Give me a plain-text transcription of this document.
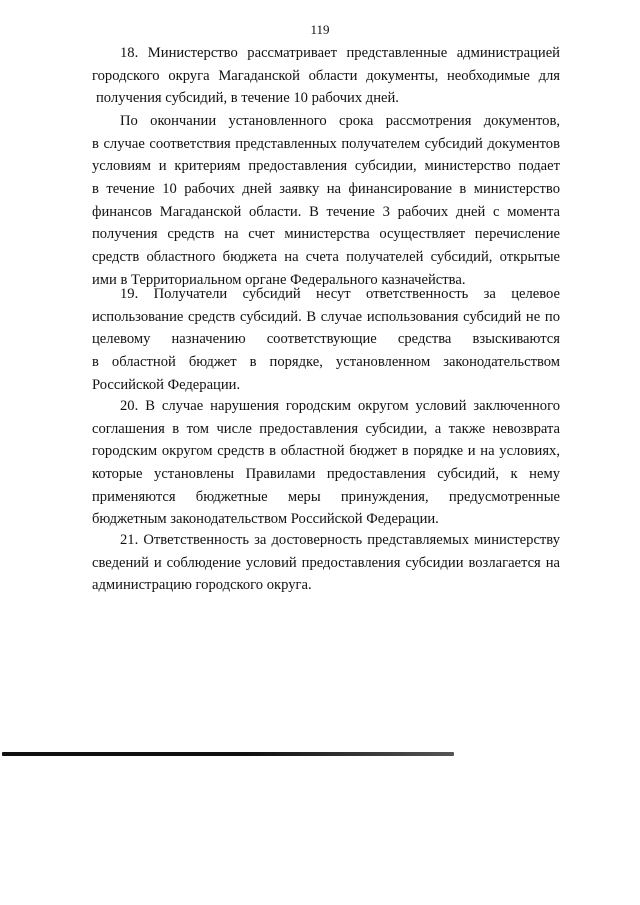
119
18. Министерство рассматривает представленные администрацией
городского округа Магаданской области документы, необходимые для
получения субсидий, в течение 10 рабочих дней.
По окончании установленного срока рассмотрения документов,
в случае соответствия представленных получателем субсидий документов
условиям и критериям предоставления субсидии, министерство подает
в течение 10 рабочих дней заявку на финансирование в министерство
финансов Магаданской области. В течение 3 рабочих дней с момента
получения средств на счет министерства осуществляет перечисление
средств областного бюджета на счета получателей субсидий, открытые
ими в Территориальном органе Федерального казначейства.
19. Получатели субсидий несут ответственность за целевое
использование средств субсидий. В случае использования субсидий не по
целевому назначению соответствующие средства взыскиваются
в областной бюджет в порядке, установленном законодательством
Российской Федерации.
20. В случае нарушения городским округом условий заключенного
соглашения в том числе предоставления субсидии, а также невозврата
городским округом средств в областной бюджет в порядке и на условиях,
которые установлены Правилами предоставления субсидий, к нему
применяются бюджетные меры принуждения, предусмотренные
бюджетным законодательством Российской Федерации.
21. Ответственность за достоверность представляемых министерству
сведений и соблюдение условий предоставления субсидии возлагается на
администрацию городского округа.
